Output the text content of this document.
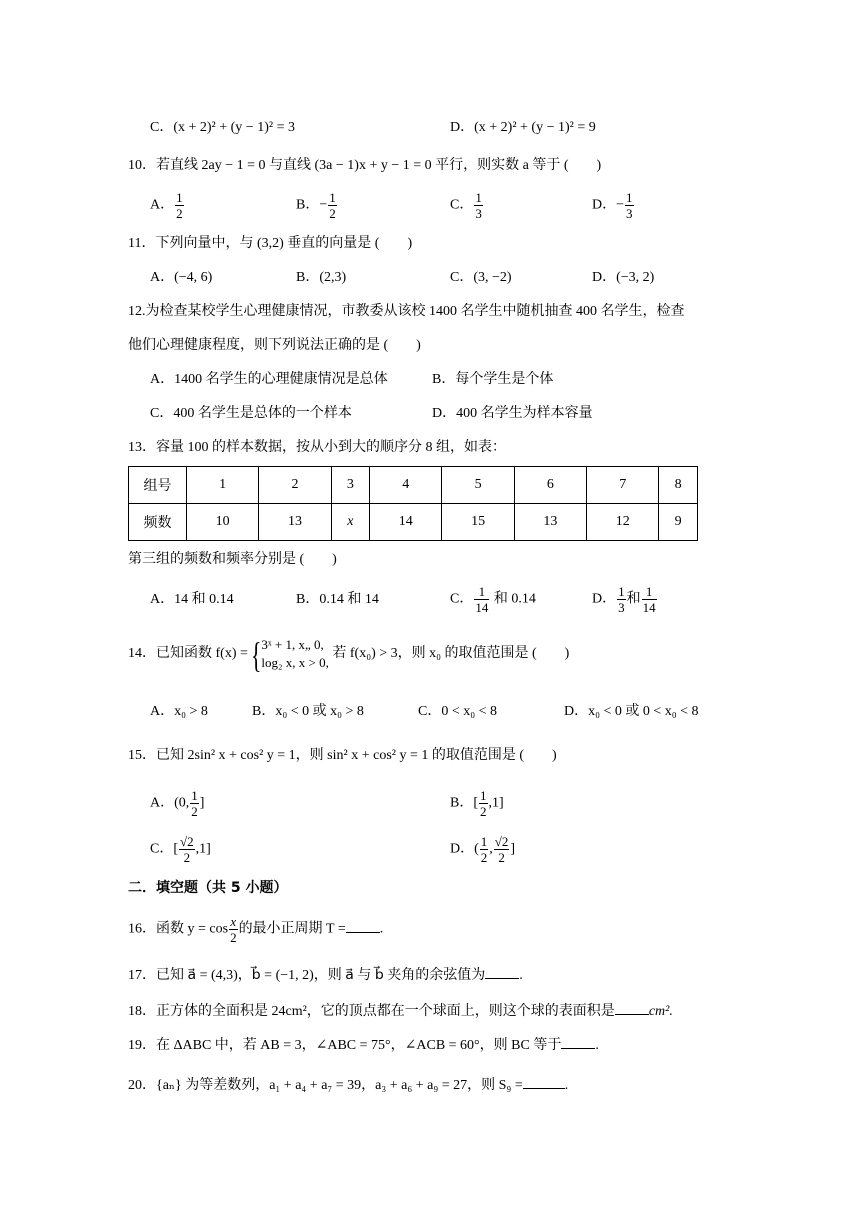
C．(x + 2)² + (y − 1)² = 3	D．(x + 2)² + (y − 1)² = 9
10．若直线 2ay − 1 = 0 与直线 (3a − 1)x + y − 1 = 0 平行，则实数 a 等于 (　　)
A． $\frac{1}{2}$	B．− $\frac{1}{2}$	C． $\frac{1}{3}$	D．− $\frac{1}{3}$
11．下列向量中，与 (3,2) 垂直的向量是 (　　)
A．(−4, 6)	B．(2,3)	C．(3, −2)	D．(−3, 2)
12.为检查某校学生心理健康情况，市教委从该校 1400 名学生中随机抽查 400 名学生，检查
他们心理健康程度，则下列说法正确的是 (　　)
A．1400 名学生的心理健康情况是总体	B．每个学生是个体
C．400 名学生是总体的一个样本	D．400 名学生为样本容量
13．容量 100 的样本数据，按从小到大的顺序分 8 组，如表：
组号	1	2	3	4	5	6	7	8
频数	10	13	x	14	15	13	12	9
第三组的频数和频率分别是 (　　)
A．14 和 0.14	B．0.14 和 14	C． $\frac{1}{14}$ 和 0.14	D． $\frac{1}{3}$ 和 $\frac{1}{14}$
14．已知函数 f(x) = { 3ˣ + 1, x„ 0,
log₂ x, x > 0,
若 f(x₀) > 3，则 x₀ 的取值范围是 (　　)
A．x₀ > 8	B．x₀ < 0 或 x₀ > 8	C．0 < x₀ < 8	D．x₀ < 0 或 0 < x₀ < 8
15．已知 2sin² x + cos² y = 1，则 sin² x + cos² y = 1 的取值范围是 (　　)
A．(0, $\frac{1}{2}$ ]	B．[ $\frac{1}{2} ,1$]
C．[ $\frac{√2}{2} ,1$]	D．( $\frac{1}{2}$ , $\frac{√2}{2}$ ]
二．填空题（共 5 小题）
16．函数 $y = \cos \frac{x}{2}$ 的最小正周期 T = .
17．已知 a⃗ = (4,3)，b⃗ = (−1, 2)，则 a⃗ 与 b⃗ 夹角的余弦值为 .
18．正方体的全面积是 24cm²，它的顶点都在一个球面上，则这个球的表面积是 cm².
19．在 ΔABC 中，若 AB = 3，∠ABC = 75°，∠ACB = 60°，则 BC 等于 .
20．{aₙ} 为等差数列，a₁ + a₄ + a₇ = 39，a₃ + a₆ + a₉ = 27，则 S₉ =	.
